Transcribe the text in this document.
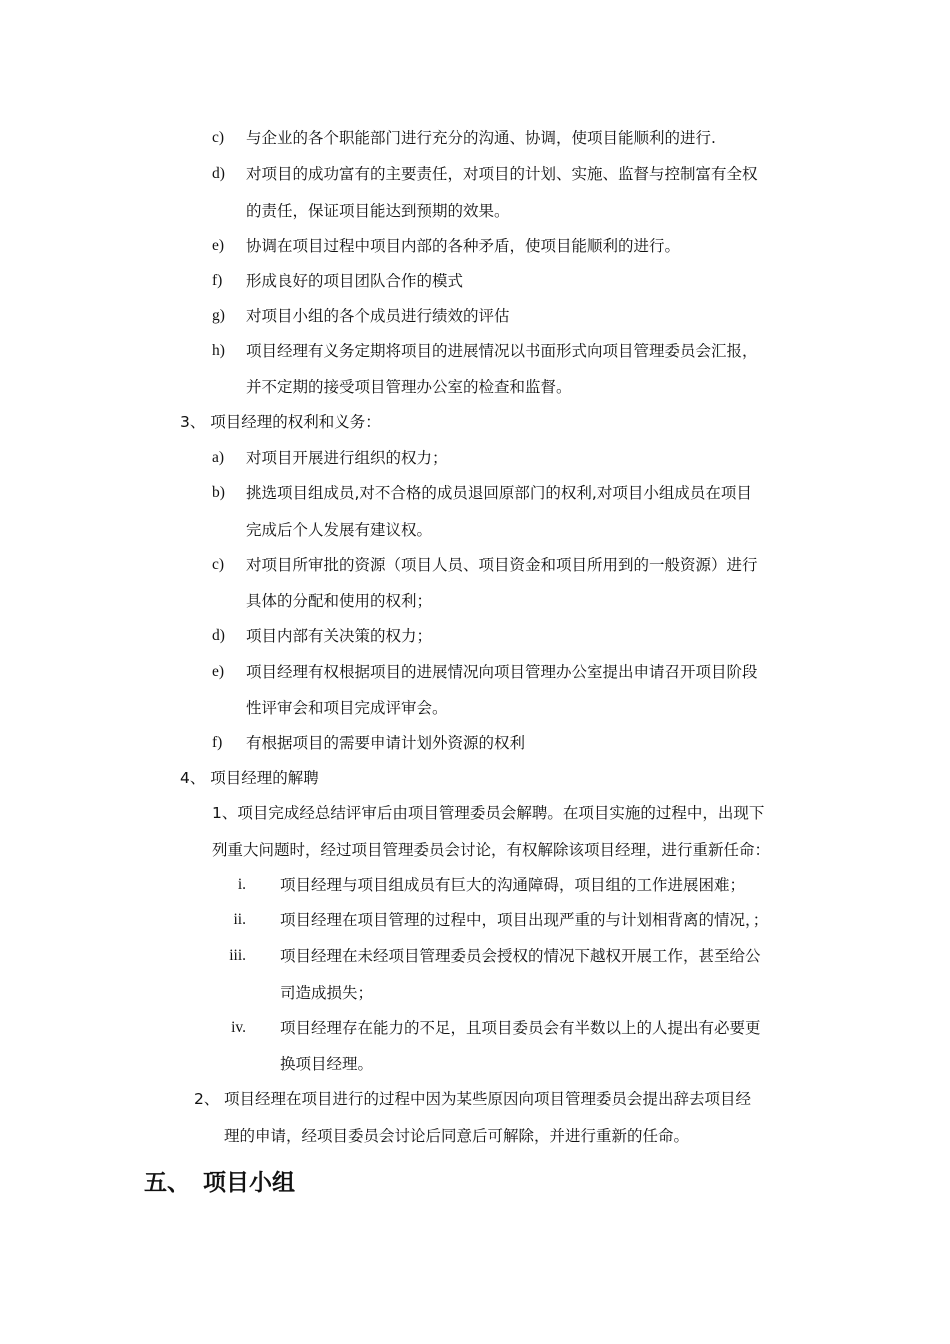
c) 与企业的各个职能部门进行充分的沟通、协调，使项目能顺利的进行.
d) 对项目的成功富有的主要责任，对项目的计划、实施、监督与控制富有全权
的责任，保证项目能达到预期的效果。
e) 协调在项目过程中项目内部的各种矛盾，使项目能顺利的进行。
f) 形成良好的项目团队合作的模式
g) 对项目小组的各个成员进行绩效的评估
h) 项目经理有义务定期将项目的进展情况以书面形式向项目管理委员会汇报，
并不定期的接受项目管理办公室的检查和监督。
3、 项目经理的权利和义务：
a) 对项目开展进行组织的权力；
b) 挑选项目组成员,对不合格的成员退回原部门的权利,对项目小组成员在项目
完成后个人发展有建议权。
c) 对项目所审批的资源（项目人员、项目资金和项目所用到的一般资源）进行
具体的分配和使用的权利；
d) 项目内部有关决策的权力；
e) 项目经理有权根据项目的进展情况向项目管理办公室提出申请召开项目阶段
性评审会和项目完成评审会。
f) 有根据项目的需要申请计划外资源的权利
4、 项目经理的解聘
1、项目完成经总结评审后由项目管理委员会解聘。在项目实施的过程中，出现下
列重大问题时，经过项目管理委员会讨论，有权解除该项目经理，进行重新任命：
i. 项目经理与项目组成员有巨大的沟通障碍，项目组的工作进展困难；
ii. 项目经理在项目管理的过程中，项目出现严重的与计划相背离的情况，；
iii. 项目经理在未经项目管理委员会授权的情况下越权开展工作，甚至给公
司造成损失；
iv. 项目经理存在能力的不足，且项目委员会有半数以上的人提出有必要更
换项目经理。
2、 项目经理在项目进行的过程中因为某些原因向项目管理委员会提出辞去项目经
理的申请，经项目委员会讨论后同意后可解除，并进行重新的任命。
五、 项目小组
